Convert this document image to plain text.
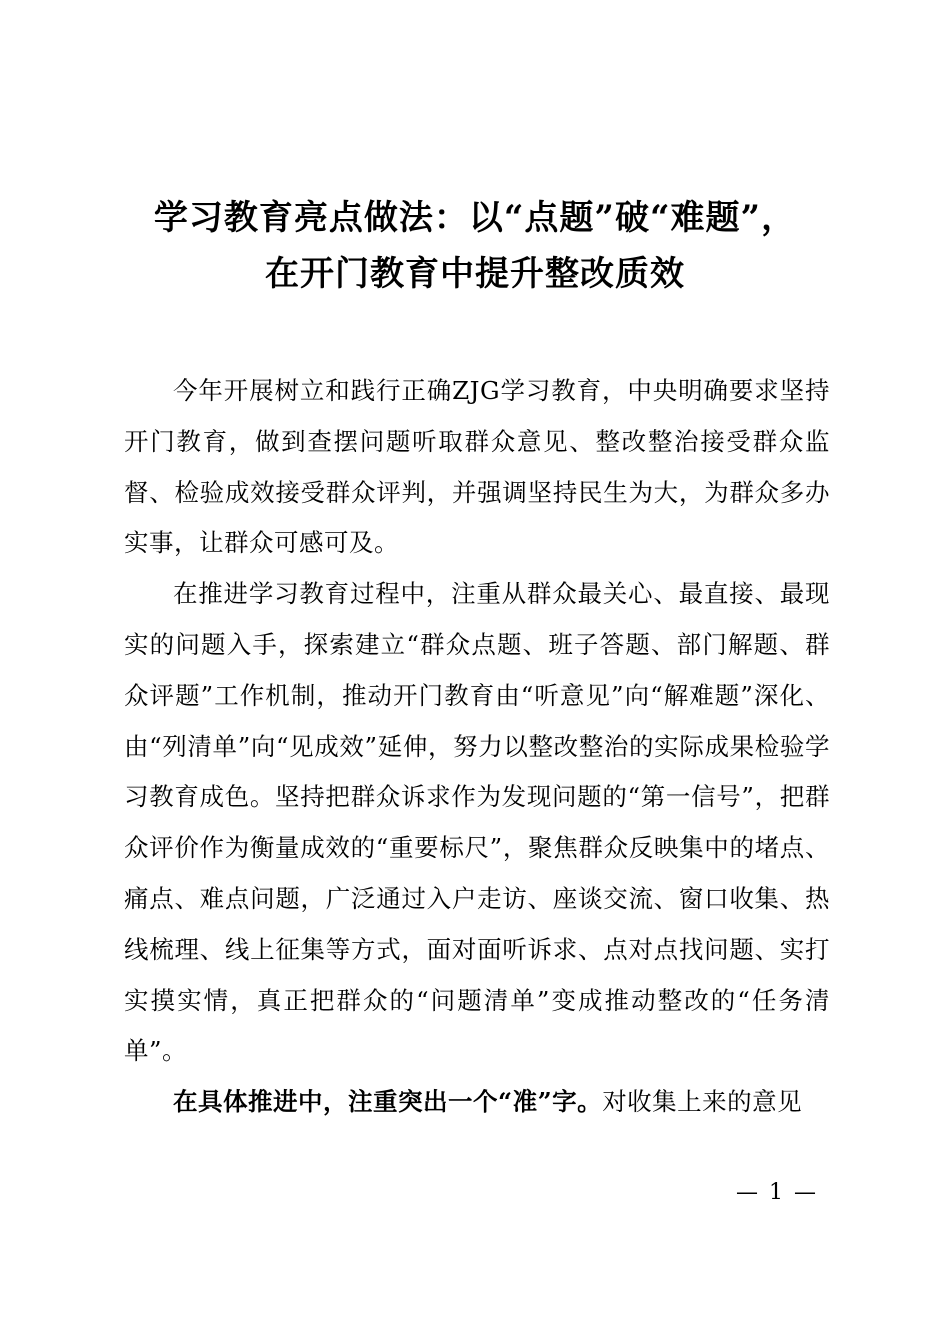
学习教育亮点做法：以“点题”破“难题”，
在开门教育中提升整改质效

今年开展树立和践行正确ZJG学习教育，中央明确要求坚持开门教育，做到查摆问题听取群众意见、整改整治接受群众监督、检验成效接受群众评判，并强调坚持民生为大，为群众多办实事，让群众可感可及。

在推进学习教育过程中，注重从群众最关心、最直接、最现实的问题入手，探索建立“群众点题、班子答题、部门解题、群众评题”工作机制，推动开门教育由“听意见”向“解难题”深化、由“列清单”向“见成效”延伸，努力以整改整治的实际成果检验学习教育成色。坚持把群众诉求作为发现问题的“第一信号”，把群众评价作为衡量成效的“重要标尺”，聚焦群众反映集中的堵点、痛点、难点问题，广泛通过入户走访、座谈交流、窗口收集、热线梳理、线上征集等方式，面对面听诉求、点对点找问题、实打实摸实情，真正把群众的“问题清单”变成推动整改的“任务清单”。

在具体推进中，注重突出一个“准”字。对收集上来的意见

— 1 —
